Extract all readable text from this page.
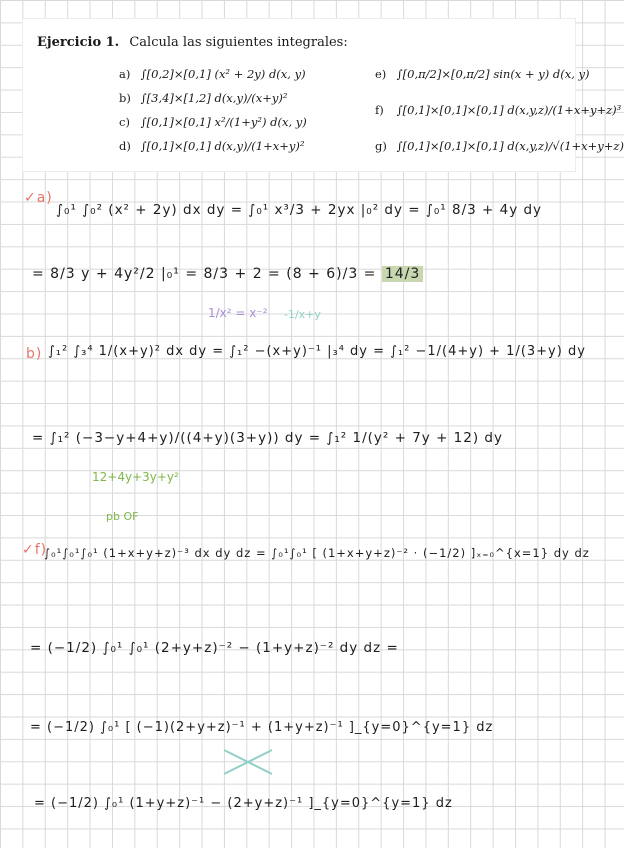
Ejercicio 1. Calcula las siguientes integrales:
a) ∫[0,2]×[0,1] (x² + 2y) d(x, y)
b) ∫[3,4]×[1,2] d(x,y)/(x+y)²
c) ∫[0,1]×[0,1] x²/(1+y²) d(x, y)
d) ∫[0,1]×[0,1] d(x,y)/(1+x+y)²
e) ∫[0,π/2]×[0,π/2] sin(x + y) d(x, y)
f) ∫[0,1]×[0,1]×[0,1] d(x,y,z)/(1+x+y+z)³
g) ∫[0,1]×[0,1]×[0,1] d(x,y,z)/√(1+x+y+z)
✓a)
∫₀¹ ∫₀² (x² + 2y) dx dy = ∫₀¹ x³/3 + 2yx |₀² dy = ∫₀¹ 8/3 + 4y dy
= 8/3 y + 4y²/2 |₀¹ = 8/3 + 2 = (8 + 6)/3 = 14/3
1/x² = x⁻² -1/x+y
b) ∫₁² ∫₃⁴ 1/(x+y)² dx dy = ∫₁² −(x+y)⁻¹ |₃⁴ dy = ∫₁² −1/(4+y) + 1/(3+y) dy
= ∫₁² (−3−y+4+y)/((4+y)(3+y)) dy = ∫₁² 1/(y² + 7y + 12) dy
12+4y+3y+y²
pb OF
✓f)
∫₀¹∫₀¹∫₀¹ (1+x+y+z)⁻³ dx dy dz = ∫₀¹∫₀¹ [ (1+x+y+z)⁻² · (−1/2) ]ₓ₌₀^{x=1} dy dz
= (−1/2) ∫₀¹ ∫₀¹ (2+y+z)⁻² − (1+y+z)⁻² dy dz =
= (−1/2) ∫₀¹ [ (−1)(2+y+z)⁻¹ + (1+y+z)⁻¹ ]_{y=0}^{y=1} dz
= (−1/2) ∫₀¹ (1+y+z)⁻¹ − (2+y+z)⁻¹ ]_{y=0}^{y=1} dz
